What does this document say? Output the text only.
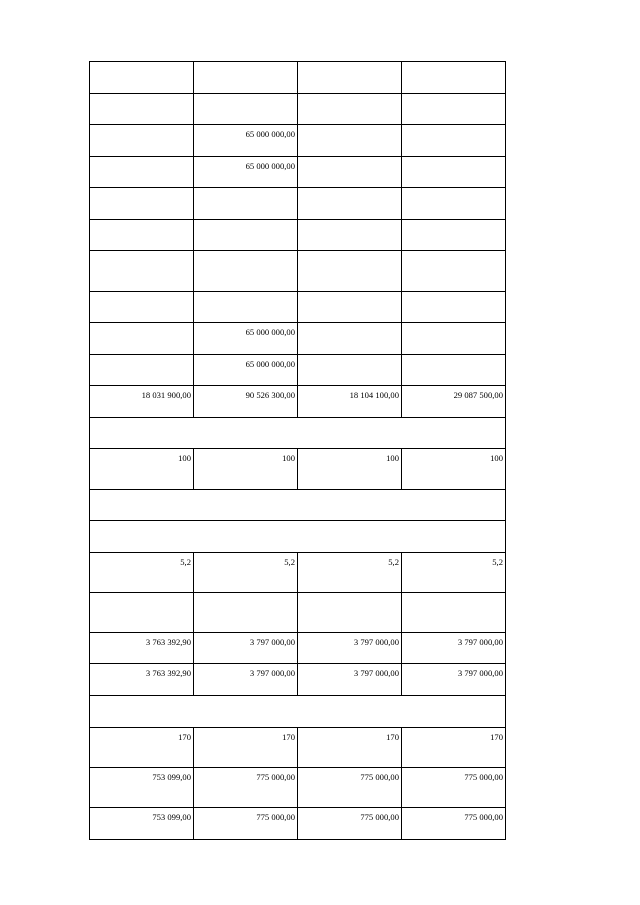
	65 000 000,00		

	65 000 000,00		

	65 000 000,00		

	65 000 000,00		

18 031 900,00	90 526 300,00	18 104 100,00	29 087 500,00

100	100	100	100

5,2	5,2	5,2	5,2

3 763 392,90	3 797 000,00	3 797 000,00	3 797 000,00

3 763 392,90	3 797 000,00	3 797 000,00	3 797 000,00

170	170	170	170

753 099,00	775 000,00	775 000,00	775 000,00

753 099,00	775 000,00	775 000,00	775 000,00
